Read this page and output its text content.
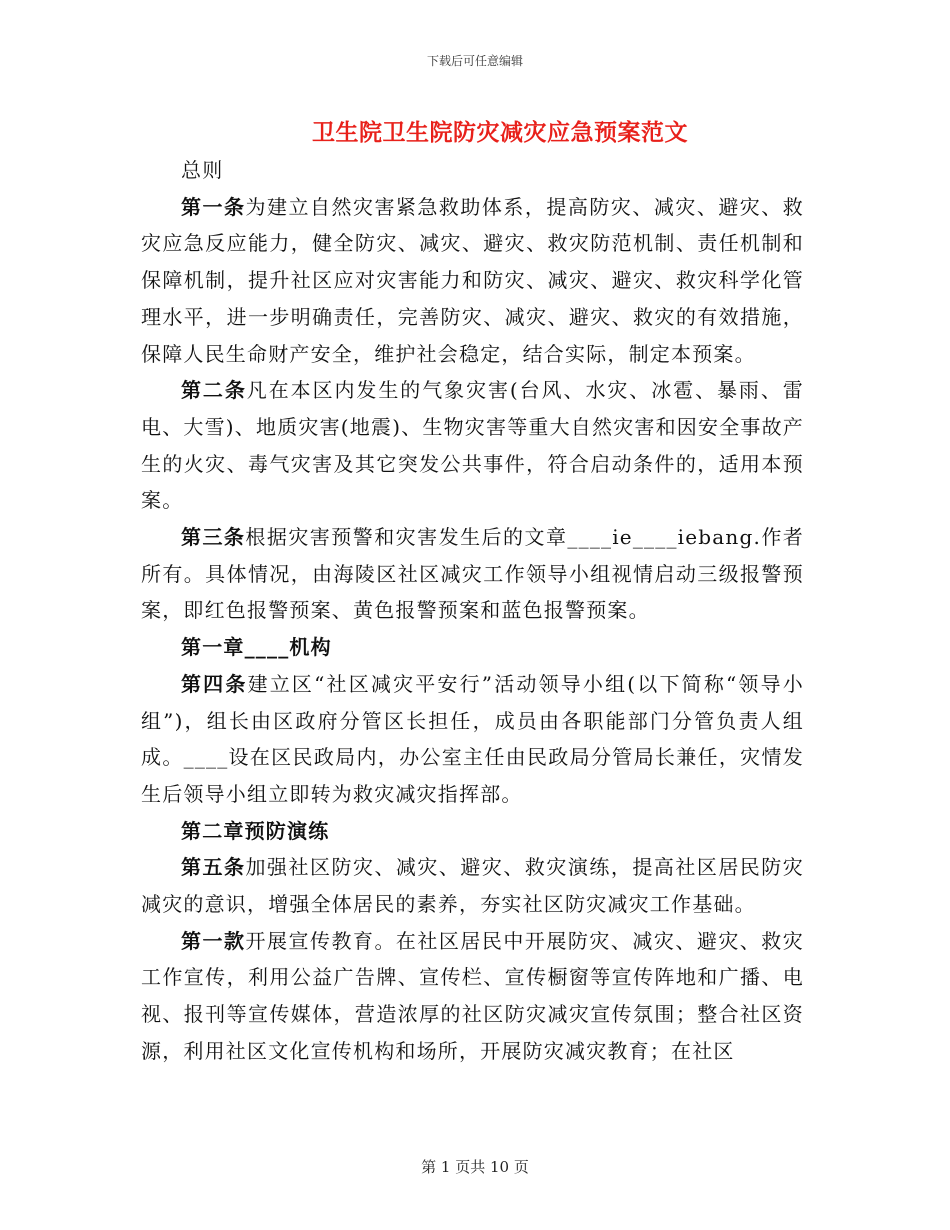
下载后可任意编辑
卫生院卫生院防灾减灾应急预案范文

总则

第一条为建立自然灾害紧急救助体系，提高防灾、减灾、避灾、救灾应急反应能力，健全防灾、减灾、避灾、救灾防范机制、责任机制和保障机制，提升社区应对灾害能力和防灾、减灾、避灾、救灾科学化管理水平，进一步明确责任，完善防灾、减灾、避灾、救灾的有效措施，保障人民生命财产安全，维护社会稳定，结合实际，制定本预案。

第二条凡在本区内发生的气象灾害(台风、水灾、冰雹、暴雨、雷电、大雪)、地质灾害(地震)、生物灾害等重大自然灾害和因安全事故产生的火灾、毒气灾害及其它突发公共事件，符合启动条件的，适用本预案。

第三条根据灾害预警和灾害发生后的文章____ie____iebang.作者所有。具体情况，由海陵区社区减灾工作领导小组视情启动三级报警预案，即红色报警预案、黄色报警预案和蓝色报警预案。

第一章____机构

第四条建立区“社区减灾平安行”活动领导小组(以下简称“领导小组”)，组长由区政府分管区长担任，成员由各职能部门分管负责人组成。____设在区民政局内，办公室主任由民政局分管局长兼任，灾情发生后领导小组立即转为救灾减灾指挥部。

第二章预防演练

第五条加强社区防灾、减灾、避灾、救灾演练，提高社区居民防灾减灾的意识，增强全体居民的素养，夯实社区防灾减灾工作基础。

第一款开展宣传教育。在社区居民中开展防灾、减灾、避灾、救灾工作宣传，利用公益广告牌、宣传栏、宣传橱窗等宣传阵地和广播、电视、报刊等宣传媒体，营造浓厚的社区防灾减灾宣传氛围；整合社区资源，利用社区文化宣传机构和场所，开展防灾减灾教育；在社区

第 1 页共 10 页
